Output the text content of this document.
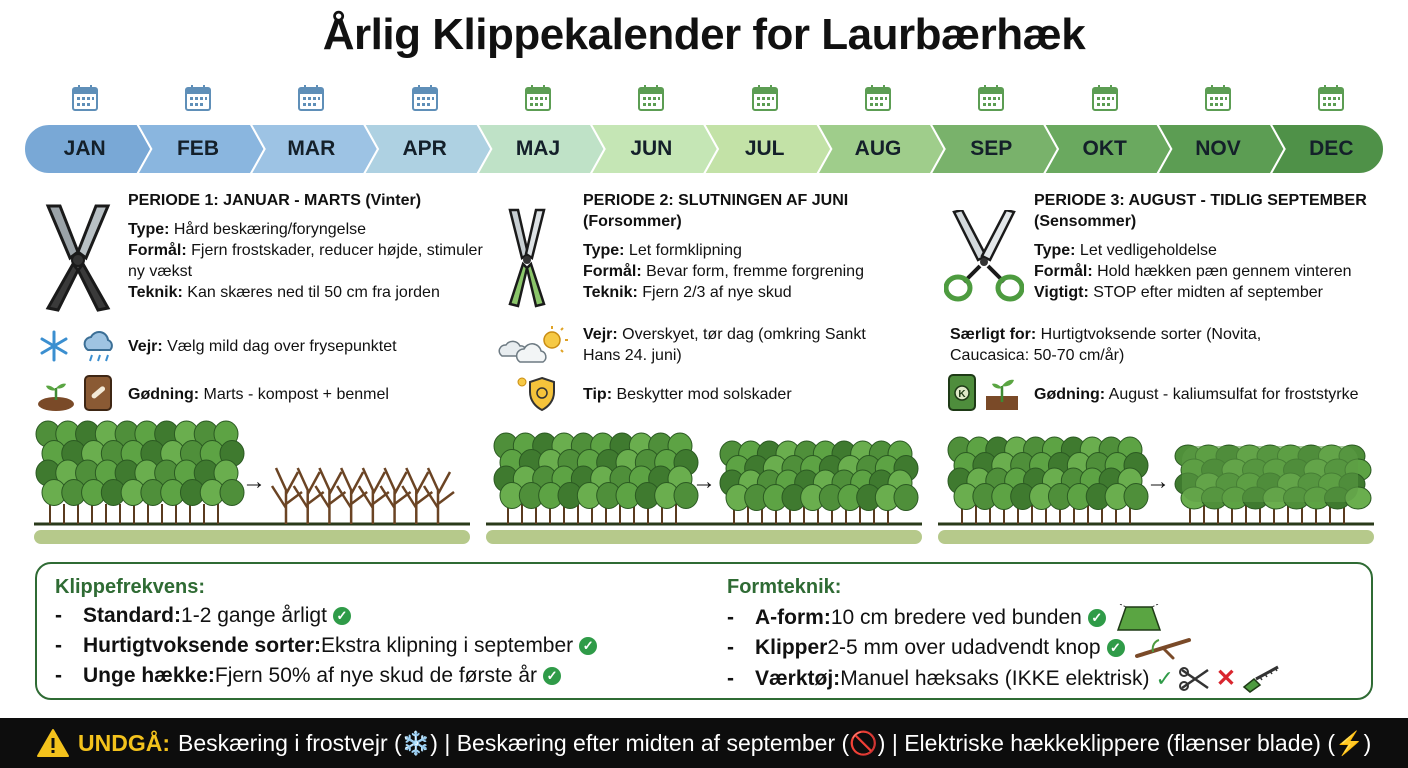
Årlig Klippekalender for Laurbærhæk
JAN	FEB	MAR	APR	MAJ	JUN	JUL	AUG	SEP	OKT	NOV	DEC
PERIODE 1: JANUAR - MARTS (Vinter)
Type: Hård beskæring/foryngelse
Formål: Fjern frostskader, reducer højde, stimuler ny vækst
Teknik: Kan skæres ned til 50 cm fra jorden
Vejr: Vælg mild dag over frysepunktet
Gødning: Marts - kompost + benmel
PERIODE 2: SLUTNINGEN AF JUNI
(Forsommer)
Type: Let formklipning
Formål: Bevar form, fremme forgrening
Teknik: Fjern 2/3 af nye skud
Vejr: Overskyet, tør dag (omkring Sankt Hans 24. juni)
Tip: Beskytter mod solskader
PERIODE 3: AUGUST - TIDLIG SEPTEMBER
(Sensommer)
Type: Let vedligeholdelse
Formål: Hold hækken pæn gennem vinteren
Vigtigt: STOP efter midten af september
Særligt for: Hurtigtvoksende sorter (Novita, Caucasica: 50-70 cm/år)
K	Gødning: August - kaliumsulfat for froststyrke
→	→	→
Klippefrekvens:
-	Standard: 1-2 gange årligt ✓
-	Hurtigtvoksende sorter: Ekstra klipning i september ✓
-	Unge hække: Fjern 50% af nye skud de første år ✓
Formteknik:
-	A-form: 10 cm bredere ved bunden ✓
-	Klipper 2-5 mm over udadvendt knop ✓
-	Værktøj: Manuel hæksaks (IKKE elektrisk) ✓ ✕
UNDGÅ: Beskæring i frostvejr (❄️) | Beskæring efter midten af september (🚫) | Elektriske hækkeklippere (flænser blade) (⚡)
